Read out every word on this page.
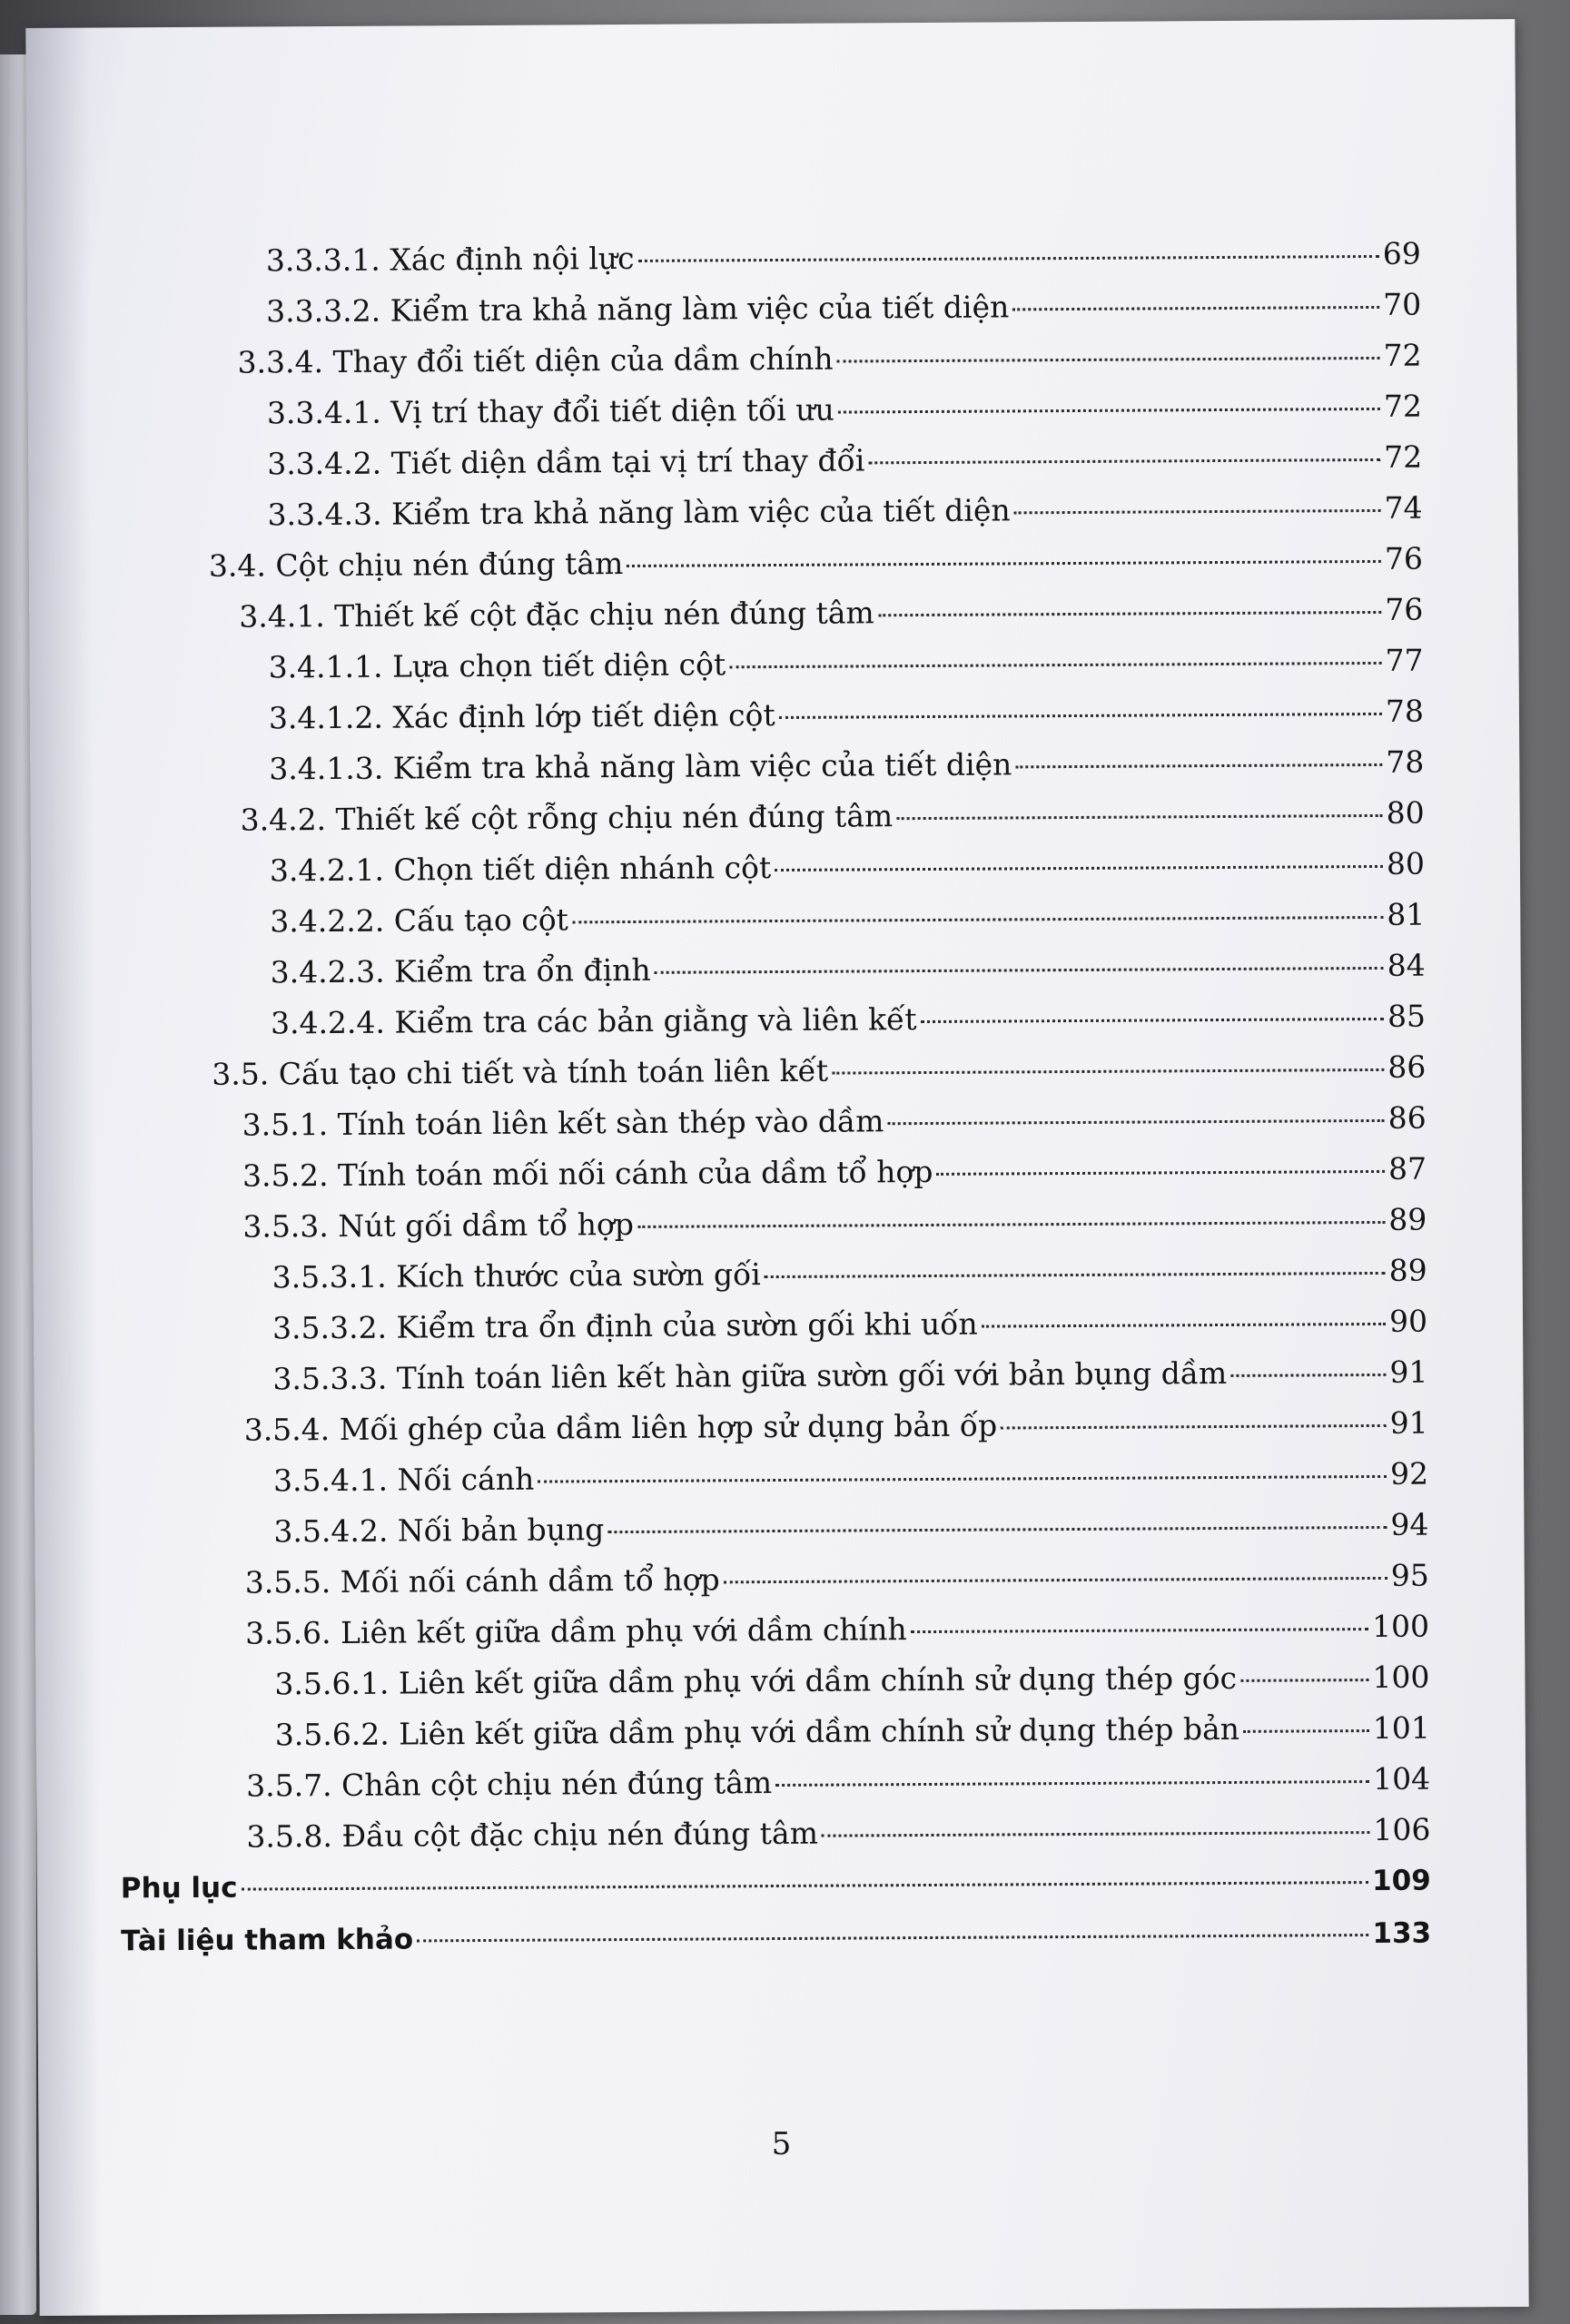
3.3.3.1. Xác định nội lực	69
3.3.3.2. Kiểm tra khả năng làm việc của tiết diện	70
3.3.4. Thay đổi tiết diện của dầm chính	72
3.3.4.1. Vị trí thay đổi tiết diện tối ưu	72
3.3.4.2. Tiết diện dầm tại vị trí thay đổi	72
3.3.4.3. Kiểm tra khả năng làm việc của tiết diện	74
3.4. Cột chịu nén đúng tâm	76
3.4.1. Thiết kế cột đặc chịu nén đúng tâm	76
3.4.1.1. Lựa chọn tiết diện cột	77
3.4.1.2. Xác định lớp tiết diện cột	78
3.4.1.3. Kiểm tra khả năng làm việc của tiết diện	78
3.4.2. Thiết kế cột rỗng chịu nén đúng tâm	80
3.4.2.1. Chọn tiết diện nhánh cột	80
3.4.2.2. Cấu tạo cột	81
3.4.2.3. Kiểm tra ổn định	84
3.4.2.4. Kiểm tra các bản giằng và liên kết	85
3.5. Cấu tạo chi tiết và tính toán liên kết	86
3.5.1. Tính toán liên kết sàn thép vào dầm	86
3.5.2. Tính toán mối nối cánh của dầm tổ hợp	87
3.5.3. Nút gối dầm tổ hợp	89
3.5.3.1. Kích thước của sườn gối	89
3.5.3.2. Kiểm tra ổn định của sườn gối khi uốn	90
3.5.3.3. Tính toán liên kết hàn giữa sườn gối với bản bụng dầm	91
3.5.4. Mối ghép của dầm liên hợp sử dụng bản ốp	91
3.5.4.1. Nối cánh	92
3.5.4.2. Nối bản bụng	94
3.5.5. Mối nối cánh dầm tổ hợp	95
3.5.6. Liên kết giữa dầm phụ với dầm chính	100
3.5.6.1. Liên kết giữa dầm phụ với dầm chính sử dụng thép góc	100
3.5.6.2. Liên kết giữa dầm phụ với dầm chính sử dụng thép bản	101
3.5.7. Chân cột chịu nén đúng tâm	104
3.5.8. Đầu cột đặc chịu nén đúng tâm	106
Phụ lục	109
Tài liệu tham khảo	133
5
